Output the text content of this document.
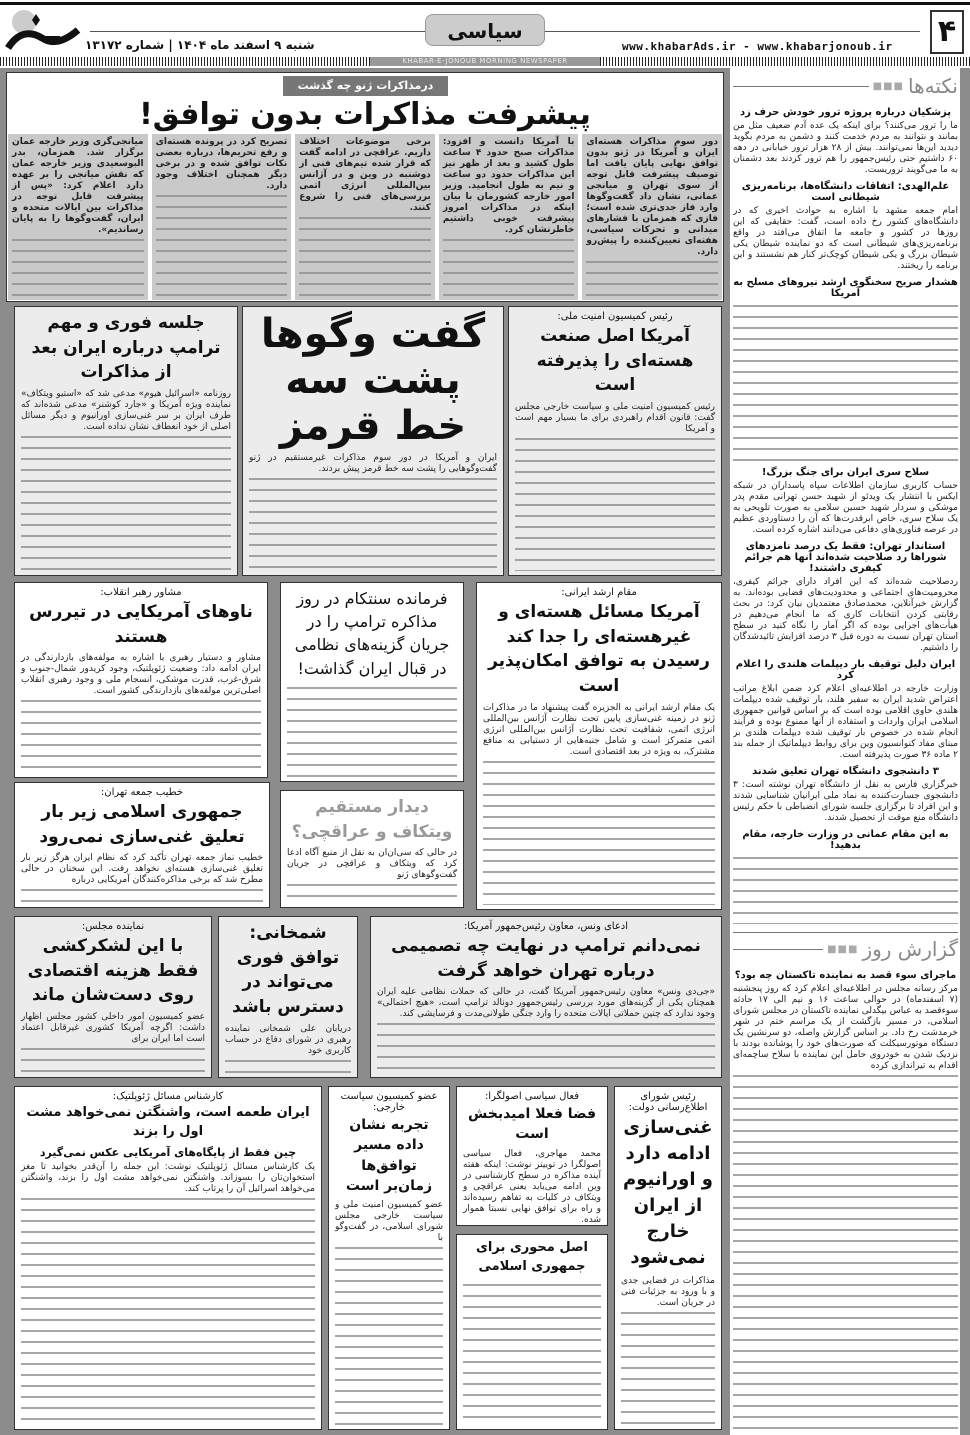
۴
www.khabarAds.ir - www.khabarjonoub.ir
سیاسی
شنبه ۹ اسفند ماه ۱۴۰۴ | شماره ۱۳۱۷۲
KHABAR-E-JONOUB MORNING NEWSPAPER
درمذاکرات ژنو چه گذشت
پیشرفت مذاکرات بدون توافق!
دور سوم مذاکرات هسته‌ای ایران و آمریکا در ژنو بدون توافق نهایی پایان یافت اما توصیف پیشرفت قابل توجه از سوی تهران و میانجی عمانی، نشان داد گفت‌وگوها وارد فاز جدی‌تری شده است؛ فازی که همزمان با فشارهای میدانی و تحرکات سیاسی، هفته‌ای تعیین‌کننده را پیش‌رو دارد.
با آمریکا دانست و افزود: مذاکرات صبح حدود ۴ ساعت طول کشید و بعد از ظهر نیز این مذاکرات حدود دو ساعت و نیم به طول انجامید. وزیر امور خارجه کشورمان با بیان اینکه در مذاکرات امروز پیشرفت خوبی داشتیم خاطرنشان کرد.
برخی موضوعات اختلاف داریم. عراقچی در ادامه گفت که قرار شده تیم‌های فنی از دوشنبه در وین و در آژانس بین‌المللی انرژی اتمی بررسی‌های فنی را شروع کنند.
تصریح کرد در پرونده هسته‌ای و رفع تحریم‌ها، درباره بعضی نکات توافق شده و در برخی دیگر همچنان اختلاف وجود دارد.
میانجی‌گری وزیر خارجه عمان برگزار شد. همزمان، بدر البوسعیدی وزیر خارجه عمان که نقش میانجی را بر عهده دارد اعلام کرد: «پس از پیشرفت قابل توجه در مذاکرات بین ایالات متحده و ایران، گفت‌وگوها را به پایان رساندیم».
رئیس کمیسیون امنیت ملی:
آمریکا اصل صنعت هسته‌ای را پذیرفته است
رئیس کمیسیون امنیت ملی و سیاست خارجی مجلس گفت: قانون اقدام راهبردی برای ما بسیار مهم است و آمریکا
گفت وگوها پشت سه خط قرمز
ایران و آمریکا در دور سوم مذاکرات غیرمستقیم در ژنو گفت‌وگوهایی را پشت سه خط قرمز پیش بردند.
جلسه فوری و مهم ترامپ درباره ایران بعد از مذاکرات
روزنامه «اسرائیل هیوم» مدعی شد که «استیو ویتکاف» نماینده ویژه آمریکا و «جارد کوشنر» مدعی شده‌اند که طرف ایران بر سر غنی‌سازی اورانیوم و دیگر مسائل اصلی از خود انعطاف نشان نداده است.
مقام ارشد ایرانی:
آمریکا مسائل هسته‌ای و غیرهسته‌ای را جدا کند رسیدن به توافق امکان‌پذیر است
یک مقام ارشد ایرانی به الجزیره گفت پیشنهاد ما در مذاکرات ژنو در زمینه غنی‌سازی پایین تحت نظارت آژانس بین‌المللی انرژی اتمی، شفافیت تحت نظارت آژانس بین‌المللی انرژی اتمی متمرکز است و شامل جنبه‌هایی از دستیابی به منافع مشترک، به ویژه در بعد اقتصادی است.
فرمانده سنتکام در روز مذاکره ترامپ را در جریان گزینه‌های نظامی در قبال ایران گذاشت!
مشاور رهبر انقلاب:
ناوهای آمریکایی در تیررس هستند
مشاور و دستیار رهبری با اشاره به مولفه‌های بازدارندگی در ایران ادامه داد: وضعیت ژئوپلتیک، وجود کریدور شمال-جنوب و شرق-غرب، قدرت موشکی، انسجام ملی و وجود رهبری انقلاب اصلی‌ترین مولفه‌های بازدارندگی کشور است.
دیدار مستقیم ویتکاف و عراقچی؟
در حالی که سی‌ان‌ان به نقل از منبع آگاه ادعا کرد که ویتکاف و عراقچی در جریان گفت‌وگوهای ژنو
خطیب جمعه تهران:
جمهوری اسلامی زیر بار تعلیق غنی‌سازی نمی‌رود
خطیب نماز جمعه تهران تأکید کرد که نظام ایران هرگز زیر بار تعلیق غنی‌سازی هسته‌ای نخواهد رفت. این سخنان در حالی مطرح شد که برخی مذاکره‌کنندگان آمریکایی درباره
ادعای ونس، معاون رئیس‌جمهور آمریکا:
نمی‌دانم ترامپ در نهایت چه تصمیمی درباره تهران خواهد گرفت
«جی‌دی ونس» معاون رئیس‌جمهور آمریکا گفت، در حالی که حملات نظامی علیه ایران همچنان یکی از گزینه‌های مورد بررسی رئیس‌جمهور دونالد ترامپ است، «هیچ احتمالی» وجود ندارد که چنین حملاتی ایالات متحده را وارد جنگی طولانی‌مدت و فرسایشی کند.
شمخانی: توافق فوری می‌تواند در دسترس باشد
دریابان علی شمخانی نماینده رهبری در شورای دفاع در حساب کاربری خود
نماینده مجلس:
با این لشکرکشی فقط هزینه اقتصادی روی دست‌شان ماند
عضو کمیسیون امور داخلی کشور مجلس اظهار داشت: اگرچه آمریکا کشوری غیرقابل اعتماد است اما ایران برای
رئیس شورای اطلاع‌رسانی دولت:
غنی‌سازی ادامه دارد و اورانیوم از ایران خارج نمی‌شود
مذاکرات در فضایی جدی و با ورود به جزئیات فنی در جریان است.
فعال سیاسی اصولگرا:
فضا فعلا امیدبخش است
محمد مهاجری، فعال سیاسی اصولگرا در توییتر نوشت: اینکه هفته آینده مذاکره در سطح کارشناسی در وین ادامه می‌یابد یعنی عراقچی و ویتکاف در کلیات به تفاهم رسیده‌اند و راه برای توافق نهایی نسبتا هموار شده.
اصل محوری برای جمهوری اسلامی
عضو کمیسیون سیاست خارجی:
تجربه نشان داده مسیر توافق‌ها زمان‌بر است
عضو کمیسیون امنیت ملی و سیاست خارجی مجلس شورای اسلامی، در گفت‌وگو با
کارشناس مسائل ژئوپلتیک:
ایران طعمه است، واشنگتن نمی‌خواهد مشت اول را بزند
چین فقط از پایگاه‌های آمریکایی عکس نمی‌گیرد
یک کارشناس مسائل ژئوپلتیک نوشت: این جمله را آن‌قدر بخوانید تا مغز استخوان‌تان را بسوزاند. واشنگتن نمی‌خواهد مشت اول را بزند، واشنگتن می‌خواهد اسرائیل آن را پرتاب کند.
نکته‌ها
■■■
پزشکیان درباره پروژه ترور خودش حرف زد
ما را ترور می‌کنند؟ برای اینکه یک عده آدم ضعیف مثل من بمانند و نتوانند به مردم خدمت کنند و دشمن به مردم بگوید دیدید این‌ها نمی‌توانند. بیش از ۲۸ هزار ترور خیابانی در دهه ۶۰ داشتیم حتی رئیس‌جمهور را هم ترور کردند بعد دشمنان به ما می‌گویند تروریست.
علم‌الهدی: اتفاقات دانشگاه‌ها، برنامه‌ریزی شیطانی است
امام جمعه مشهد با اشاره به حوادث اخیری که در دانشگاه‌های کشور رخ داده است، گفت: حقایقی که این روزها در کشور و جامعه ما اتفاق می‌افتد در واقع برنامه‌ریزی‌های شیطانی است که دو نماینده شیطان یکی شیطان بزرگ و یکی شیطان کوچک‌تر کنار هم نشستند و این برنامه را ریختند.
هشدار صریح سخنگوی ارشد نیروهای مسلح به آمریکا
سلاح سری ایران برای جنگ بزرگ!
حساب کاربری سازمان اطلاعات سپاه پاسداران در شبکه ایکس با انتشار یک ویدئو از شهید حسن تهرانی مقدم پدر موشکی و سردار شهید حسین سلامی به صورت تلویحی به یک سلاح سری، خاص ابرقدرت‌ها که آن را دستاوردی عظیم در عرصه فناوری‌های دفاعی می‌دانند اشاره کرده است.
استاندار تهران: فقط یک درصد نامزدهای شوراها رد صلاحیت شده‌اند آنها هم جرائم کیفری داشتند!
ردصلاحیت شده‌اند که این افراد دارای جرائم کیفری، محرومیت‌های اجتماعی و محدودیت‌های قضایی بوده‌اند. به گزارش خبرآنلاین، محمدصادق معتمدیان بیان کرد: در بحث رقابتی کردن انتخابات کاری که ما انجام می‌دهیم در هیأت‌های اجرایی بوده که اگر آمار را نگاه کنید در سطح استان تهران نسبت به دوره قبل ۳ درصد افزایش تائیدشدگان را داشتیم.
ایران دلیل توقیف بار دیپلمات هلندی را اعلام کرد
وزارت خارجه در اطلاعیه‌ای اعلام کرد ضمن ابلاغ مراتب اعتراض شدید ایران به سفیر هلند، بار توقیف شده دیپلمات هلندی حاوی اقلامی بوده است که بر اساس قوانین جمهوری اسلامی ایران واردات و استفاده از آنها ممنوع بوده و فرآیند انجام شده در خصوص بار توقیف شده دیپلمات هلندی بر مبنای مفاد کنوانسیون وین برای روابط دیپلماتیک از جمله بند ۲ ماده ۳۶ صورت پذیرفته است.
۳ دانشجوی دانشگاه تهران تعلیق شدند
خبرگزاری فارس به نقل از دانشگاه تهران نوشته است: ۳ دانشجوی جسارت‌کننده به نماد ملی ایرانیان شناسایی شدند و این افراد تا برگزاری جلسه شورای انضباطی با حکم رئیس دانشگاه منع موقت از تحصیل شدند.
به این مقام عمانی در وزارت خارجه، مقام بدهید!
گزارش روز
■■■
ماجرای سوء قصد به نماینده تاکستان چه بود؟
مرکز رسانه مجلس در اطلاعیه‌ای اعلام کرد که روز پنجشنبه (۷ اسفندماه) در حوالی ساعت ۱۶ و نیم الی ۱۷ حادثه سوءقصد به عباس بیگدلی نماینده تاکستان در مجلس شورای اسلامی، در مسیر بازگشت از یک مراسم ختم در شهر خرمدشت رخ داد. بر اساس گزارش واصله، دو سرنشین یک دستگاه موتورسیکلت که صورت‌های خود را پوشانده بودند با نزدیک شدن به خودروی حامل این نماینده با سلاح ساچمه‌ای اقدام به تیراندازی کرده
